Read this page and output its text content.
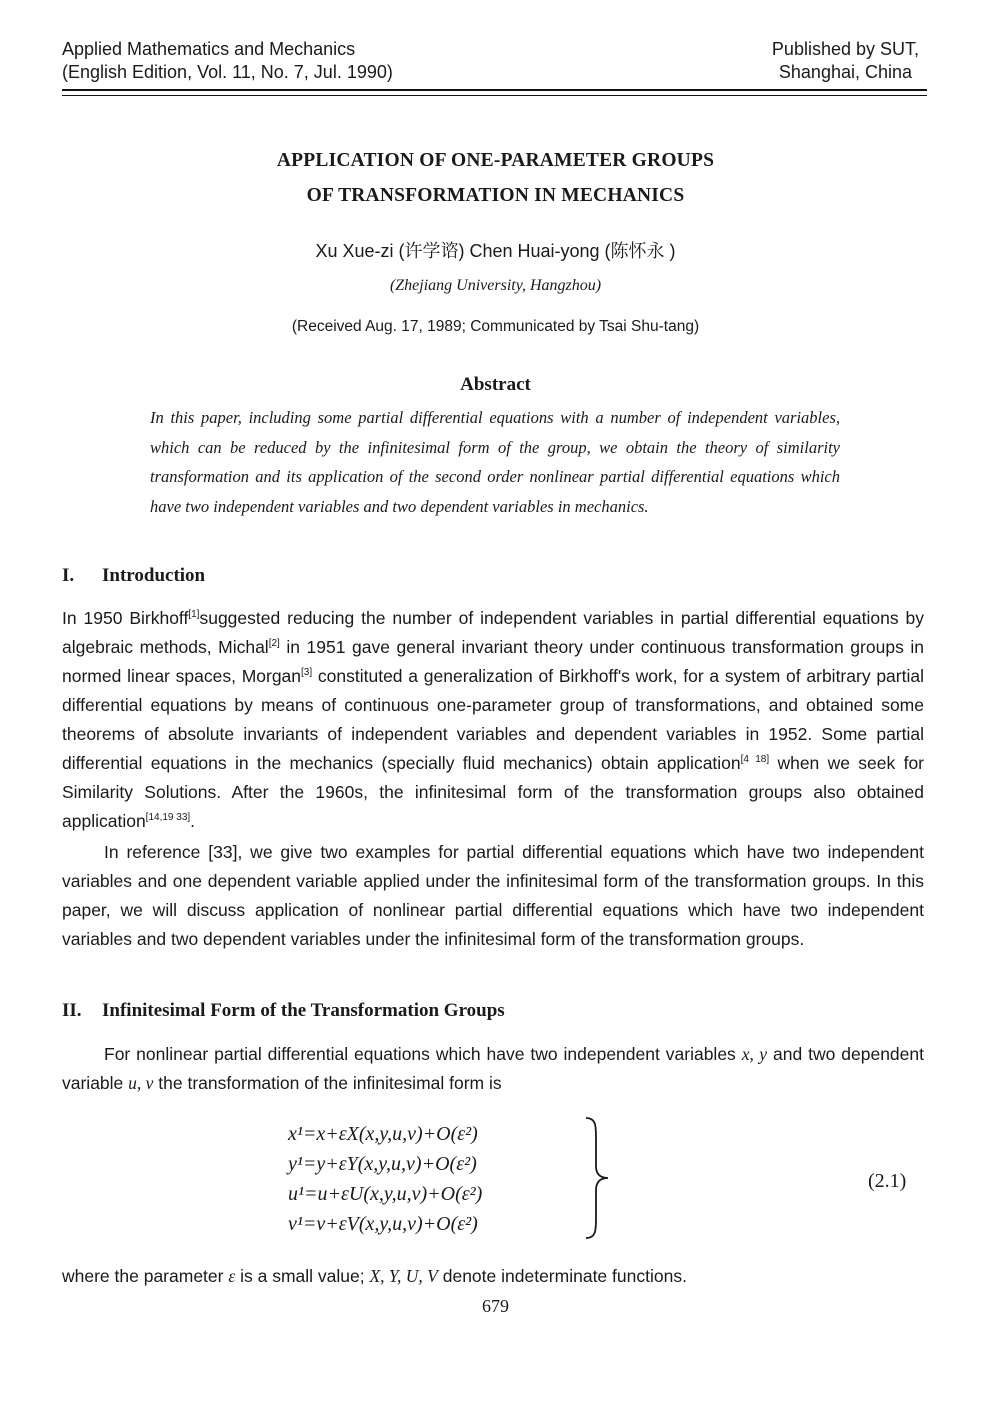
Applied Mathematics and Mechanics
(English Edition, Vol. 11, No. 7, Jul. 1990)
Published by SUT,
Shanghai, China
APPLICATION OF ONE-PARAMETER GROUPS
OF TRANSFORMATION IN MECHANICS
Xu Xue-zi (许学谘) Chen Huai-yong (陈怀永 )
(Zhejiang University, Hangzhou)
(Received Aug. 17, 1989; Communicated by Tsai Shu-tang)
Abstract
In this paper, including some partial differential equations with a number of independent variables, which can be reduced by the infinitesimal form of the group, we obtain the theory of similarity transformation and its application of the second order nonlinear partial differential equations which have two independent variables and two dependent variables in mechanics.
I. Introduction

In 1950 Birkhoff[1]suggested reducing the number of independent variables in partial differential equations by algebraic methods, Michal[2] in 1951 gave general invariant theory under continuous transformation groups in normed linear spaces, Morgan[3] constituted a generalization of Birkhoff's work, for a system of arbitrary partial differential equations by means of continuous one-parameter group of transformations, and obtained some theorems of absolute invariants of independent variables and dependent variables in 1952. Some partial differential equations in the mechanics (specially fluid mechanics) obtain application[4 18] when we seek for Similarity Solutions. After the 1960s, the infinitesimal form of the transformation groups also obtained application[14,19 33].

In reference [33], we give two examples for partial differential equations which have two independent variables and one dependent variable applied under the infinitesimal form of the transformation groups. In this paper, we will discuss application of nonlinear partial differential equations which have two independent variables and two dependent variables under the infinitesimal form of the transformation groups.

II. Infinitesimal Form of the Transformation Groups

For nonlinear partial differential equations which have two independent variables x, y and two dependent variable u, v the transformation of the infinitesimal form is

x¹=x+εX(x,y,u,v)+O(ε²)
y¹=y+εY(x,y,u,v)+O(ε²)
u¹=u+εU(x,y,u,v)+O(ε²)
v¹=v+εV(x,y,u,v)+O(ε²)
(2.1)
where the parameter ε is a small value; X, Y, U, V denote indeterminate functions.
679
